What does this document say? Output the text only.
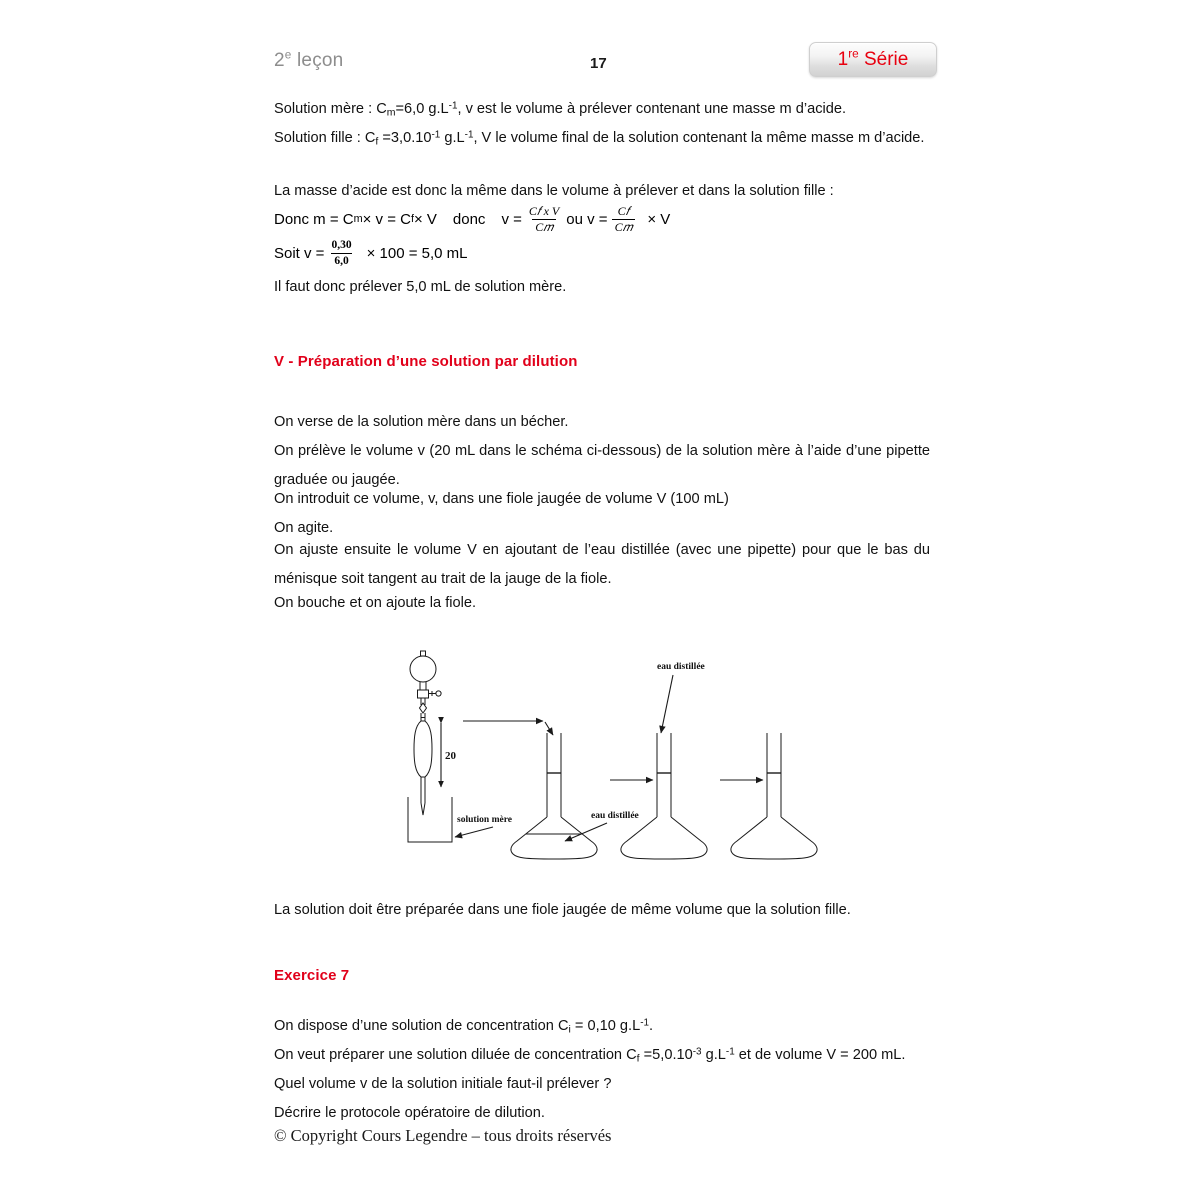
2e leçon	17	1re Série
Solution mère : $C_m=6,0$ $g.L^{-1}$, v est le volume à prélever contenant une masse m d’acide.
Solution fille : $C_f =3,0.10^{-1}$ $g.L^{-1}$, V le volume final de la solution contenant la même masse m d’acide.
La masse d’acide est donc la même dans le volume à prélever et dans la solution fille :
Donc m = C m × v = C f × V donc $v = \frac{\text{C𝑓 x V}}{\text{C𝑚}}$ ou $v = \frac{\text{C𝑓}}{\text{C𝑚}} \times V$
Soit $v = \frac{0,30}{6,0} \times 100 = 5,0$ mL
Il faut donc prélever 5,0 mL de solution mère.
V - Préparation d’une solution par dilution
On verse de la solution mère dans un bécher.
On prélève le volume v (20 mL dans le schéma ci-dessous) de la solution mère à l’aide d’une pipette graduée ou jaugée.
On introduit ce volume, v, dans une fiole jaugée de volume V (100 mL)
On agite.
On ajuste ensuite le volume V en ajoutant de l’eau distillée (avec une pipette) pour que le bas du ménisque soit tangent au trait de la jauge de la fiole.
On bouche et on ajoute la fiole.
La solution doit être préparée dans une fiole jaugée de même volume que la solution fille.
Exercice 7
On dispose d’une solution de concentration $C_i = 0,10$ $g.L^{-1}$.
On veut préparer une solution diluée de concentration $C_f =5,0.10^{-3}$ $g.L^{-1}$ et de volume V = 200 mL.
Quel volume v de la solution initiale faut-il prélever ?
Décrire le protocole opératoire de dilution.
20
solution mère	eau distillée
eau distillée
© Copyright Cours Legendre – tous droits réservés
